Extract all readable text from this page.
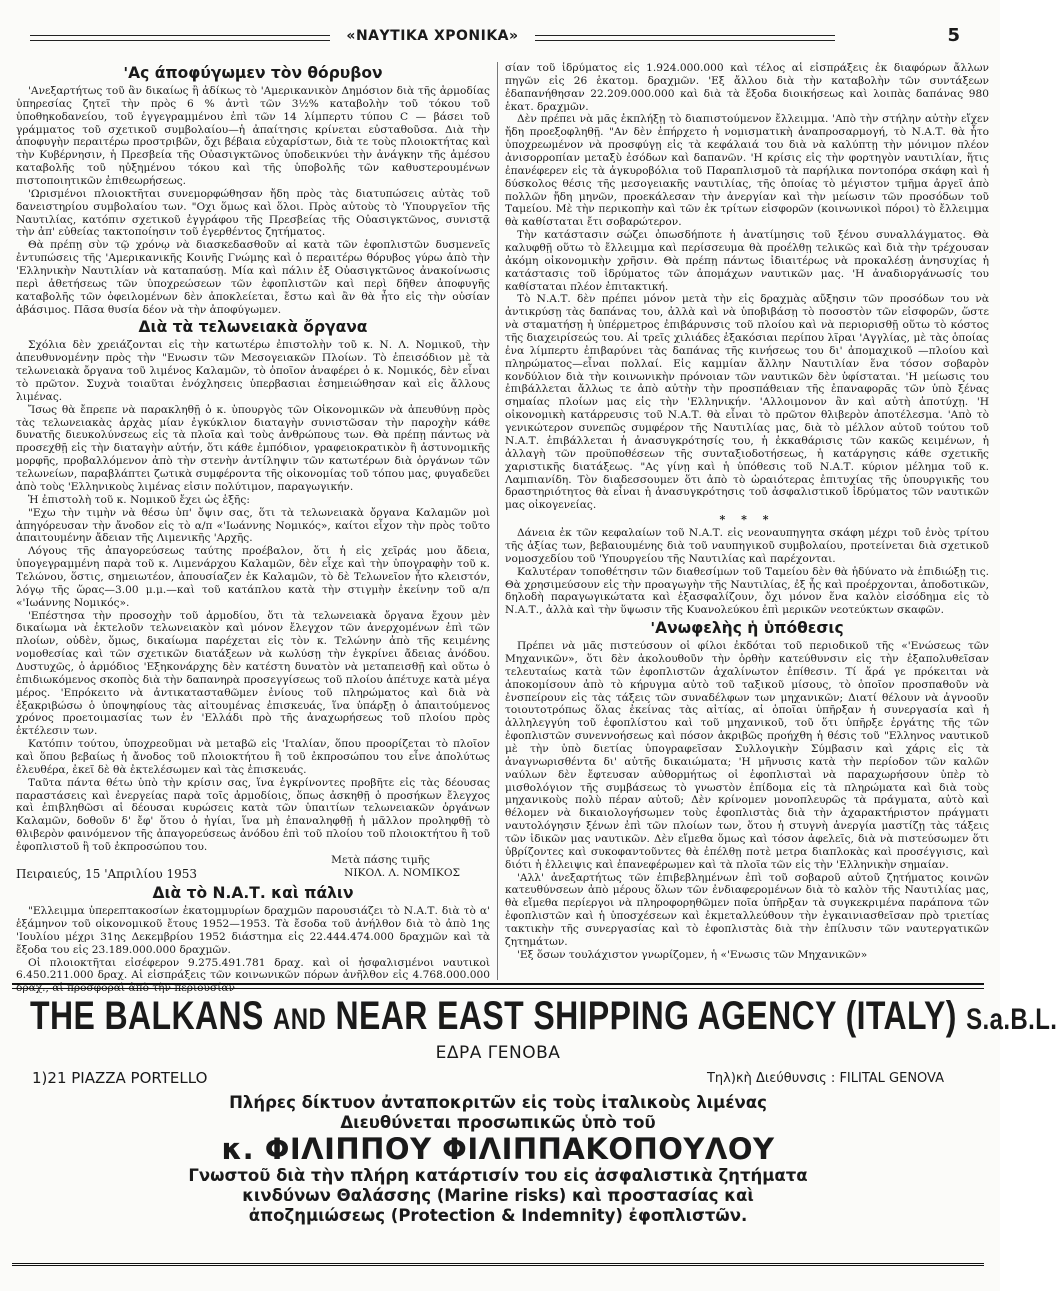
«ΝΑΥΤΙΚΑ ΧΡΟΝΙΚΑ»	5
'Ας άποφύγωμεν τὸν θόρυβον

'Ανεξαρτήτως τοῦ ἂν δικαίως ἢ ἀδίκως τὸ 'Αμερικανικὸν Δημόσιον διὰ τῆς ἁρμοδίας ὑπηρεσίας ζητεῖ τὴν πρὸς 6 % ἀντὶ τῶν 3½% καταβολὴν τοῦ τόκου τοῦ ὑποθηκοδανείου, τοῦ ἐγγεγραμμένου ἐπὶ τῶν 14 λίμπερτυ τύπου C — βάσει τοῦ γράμματος τοῦ σχετικοῦ συμβολαίου—ἡ ἀπαίτησις κρίνεται εὐσταθοῦσα. Διὰ τὴν ἀποφυγὴν περαιτέρω προστριβῶν, ὄχι βέβαια εὐχαρίστων, διὰ τε τοὺς πλοιοκτήτας καὶ τὴν Κυβέρνησιν, ἡ Πρεσβεία τῆς Οὐασιγκτῶνος ὑποδεικνύει τὴν ἀνάγκην τῆς ἀμέσου καταβολῆς τοῦ ηὐξημένου τόκου καὶ τῆς ὑποβολῆς τῶν καθυστερουμένων πιστοποιητικῶν ἐπιθεωρήσεως.

'Ωρισμένοι πλοιοκτῆται συνεμορφώθησαν ἤδη πρὸς τὰς διατυπώσεις αὐτὰς τοῦ δανειστηρίου συμβολαίου των. "Οχι ὅμως καὶ ὅλοι. Πρὸς αὐτοὺς τὸ 'Υπουργεῖον τῆς Ναυτιλίας, κατόπιν σχετικοῦ ἐγγράφου τῆς Πρεσβείας τῆς Οὐασιγκτῶνος, συνιστᾷ τὴν ἀπ' εὐθείας τακτοποίησιν τοῦ ἐγερθέντος ζητήματος.

Θὰ πρέπῃ σὺν τῷ χρόνῳ νὰ διασκεδασθοῦν αἱ κατὰ τῶν ἐφοπλιστῶν δυσμενεῖς ἐντυπώσεις τῆς 'Αμερικανικῆς Κοινῆς Γνώμης καὶ ὁ περαιτέρω θόρυβος γύρω ἀπὸ τὴν 'Ελληνικὴν Ναυτιλίαν νὰ καταπαύσῃ. Μία καὶ πάλιν ἐξ Οὐασιγκτῶνος ἀνακοίνωσις περὶ ἀθετήσεως τῶν ὑποχρεώσεων τῶν ἐφοπλιστῶν καὶ περὶ δῆθεν ἀποφυγῆς καταβολῆς τῶν ὀφειλομένων δὲν ἀποκλείεται, ἔστω καὶ ἂν θὰ ἦτο εἰς τὴν οὐσίαν ἀβάσιμος. Πᾶσα θυσία δέον νὰ τὴν ἀποφύγωμεν.

Διὰ τὰ τελωνειακὰ ὄργανα

Σχόλια δὲν χρειάζονται εἰς τὴν κατωτέρω ἐπιστολὴν τοῦ κ. Ν. Λ. Νομικοῦ, τὴν ἀπευθυνομένην πρὸς τὴν "Ενωσιν τῶν Μεσογειακῶν Πλοίων. Τὸ ἐπεισόδιον μὲ τὰ τελωνειακὰ ὄργανα τοῦ λιμένος Καλαμῶν, τὸ ὁποῖον ἀναφέρει ὁ κ. Νομικός, δὲν εἶναι τὸ πρῶτον. Συχνὰ τοιαῦται ἐνόχλησεις ὑπερβασιαι ἐσημειώθησαν καὶ εἰς ἄλλους λιμένας.

Ἴσως θὰ ἔπρεπε νὰ παρακληθῇ ὁ κ. ὑπουργὸς τῶν Οἰκονομικῶν νὰ ἀπευθύνῃ πρὸς τὰς τελωνειακὰς ἀρχὰς μίαν ἐγκύκλιον διαταγὴν συνιστῶσαν τὴν παροχὴν κάθε δυνατῆς διευκολύνσεως εἰς τὰ πλοῖα καὶ τοὺς ἀνθρώπους των. Θὰ πρέπῃ πάντως νὰ προσεχθῇ εἰς τὴν διαταγὴν αὐτήν, ὅτι κάθε ἐμπόδιον, γραφειοκρατικὸν ἢ ἀστυνομικῆς μορφῆς, προβαλλόμενον ἀπὸ τὴν στενὴν ἀντίληψιν τῶν κατωτέρων διὰ ὀργάνων τῶν τελωνείων, παραβλάπτει ζωτικὰ συμφέροντα τῆς οἰκονομίας τοῦ τόπου μας, φυγαδεῦει ἀπὸ τοὺς 'Ελληνικοὺς λιμένας εἰσιν πολύτιμον, παραγωγικήν.

Ἡ ἐπιστολὴ τοῦ κ. Νομικοῦ ἔχει ὡς ἑξῆς:

"Εχω τὴν τιμὴν νὰ θέσω ὑπ' ὄψιν σας, ὅτι τὰ τελωνειακὰ ὄργανα Καλαμῶν μοὶ ἀπηγόρευσαν τὴν ἄνοδον εἰς τὸ α/π «'Ιωάννης Νομικός», καίτοι εἶχον τὴν πρὸς τοῦτο ἀπαιτουμένην ἄδειαν τῆς Λιμενικῆς 'Αρχῆς.

Λόγους τῆς ἀπαγορεύσεως ταύτης προέβαλον, ὅτι ἡ εἰς χεῖράς μου ἄδεια, ὑπογεγραμμένη παρὰ τοῦ κ. Λιμενάρχου Καλαμῶν, δὲν εἶχε καὶ τὴν ὑπογραφὴν τοῦ κ. Τελώνου, ὅστις, σημειωτέον, ἀπουσίαζεν ἐκ Καλαμῶν, τὸ δὲ Τελωνεῖον ἦτο κλειστόν, λόγῳ τῆς ὥρας—3.00 μ.μ.—καὶ τοῦ κατάπλου κατὰ τὴν στιγμὴν ἐκείνην τοῦ α/π «'Ιωάννης Νομικός».

'Επέστησα τὴν προσοχὴν τοῦ ἁρμοδίου, ὅτι τὰ τελωνειακὰ ὄργανα ἔχουν μὲν δικαίωμα νὰ ἐκτελοῦν τελωνειακὸν καὶ μόνον ἔλεγχον τῶν ἀνερχομένων ἐπὶ τῶν πλοίων, οὐδὲν, ὅμως, δικαίωμα παρέχεται εἰς τὸν κ. Τελώνην ἀπὸ τῆς κειμένης νομοθεσίας καὶ τῶν σχετικῶν διατάξεων νὰ κωλύσῃ τὴν ἐγκρίνει ἄδειας ἀνόδου. Δυστυχῶς, ὁ ἁρμόδιος 'Εξηκονάρχης δὲν κατέστη δυνατὸν νὰ μεταπεισθῇ καὶ οὕτω ὁ ἐπιδιωκόμενος σκοπὸς διὰ τὴν δαπανηρὰ προσεγγίσεως τοῦ πλοίου ἀπέτυχε κατὰ μέγα μέρος. 'Επρόκειτο νὰ ἀντικατασταθῶμεν ἐνίους τοῦ πληρώματος καὶ διὰ νὰ ἐξακριβώσω ὁ ὑποψηφίους τὰς αἰτουμένας ἐπισκευάς, ἵνα ὑπάρξῃ ὁ ἀπαιτούμενος χρόνος προετοιμασίας των ἐν 'Ελλάδι πρὸ τῆς ἀναχωρήσεως τοῦ πλοίου πρὸς ἐκτέλεσιν των.

Κατόπιν τούτου, ὑποχρεοῦμαι νὰ μεταβῶ εἰς 'Ιταλίαν, ὅπου προορίζεται τὸ πλοῖον καὶ ὅπου βεβαίως ἡ ἄνοδος τοῦ πλοιοκτήτου ἢ τοῦ ἐκπροσώπου του εἶνε ἀπολύτως ἐλευθέρα, ἐκεῖ δὲ θὰ ἐκτελέσωμεν καὶ τὰς ἐπισκευάς.

Ταῦτα πάντα θέτω ὑπὸ τὴν κρίσιν σας, ἵνα ἐγκρίνοντες προβῆτε εἰς τὰς δέουσας παραστάσεις καὶ ἐνεργείας παρὰ τοῖς ἁρμοδίοις, ὅπως ἀσκηθῇ ὁ προσήκων ἔλεγχος καὶ ἐπιβληθῶσι αἱ δέουσαι κυρώσεις κατὰ τῶν ὑπαιτίων τελωνειακῶν ὀργάνων Καλαμῶν, δοθοῦν δ' ἔφ' ὅτου ὁ ἠγίαι, ἵνα μὴ ἐπαναληφθῇ ἡ μᾶλλον προληφθῇ τὸ θλιβερὸν φαινόμενον τῆς ἀπαγορεύσεως ἀνόδου ἐπὶ τοῦ πλοίου τοῦ πλοιοκτήτου ἢ τοῦ ἐφοπλιστοῦ ἢ τοῦ ἐκπροσώπου του.

Μετὰ πάσης τιμῆς
Πειραιεύς, 15 'Απριλίου 1953	ΝΙΚΟΛ. Λ. ΝΟΜΙΚΟΣ
Διὰ τὸ Ν.Α.Τ. καὶ πάλιν

"Ελλειμμα ὑπερεπτακοσίων ἑκατομμυρίων δραχμῶν παρουσιάζει τὸ Ν.Α.Τ. διὰ τὸ α' ἑξάμηνον τοῦ οἰκονομικοῦ ἔτους 1952—1953. Τὰ ἔσοδα τοῦ ἀνήλθον διὰ τὸ ἀπὸ 1ης 'Ιουλίου μέχρι 31ης Δεκεμβρίου 1952 διάστημα εἰς 22.444.474.000 δραχμῶν καὶ τὰ ἔξοδα του εἰς 23.189.000.000 δραχμῶν.

Οἱ πλοιοκτῆται εἰσέφερον 9.275.491.781 δραχ. καὶ οἱ ἠσφαλισμένοι ναυτικοὶ 6.450.211.000 δραχ. Αἱ εἰσπράξεις τῶν κοινωνικῶν πόρων ἀνῆλθον εἰς 4.768.000.000 δραχ., αἱ προσφοραὶ ἀπὸ τὴν περιουσίαν

σίαν τοῦ ἱδρύματος εἰς 1.924.000.000 καὶ τέλος αἱ εἰσπράξεις ἐκ διαφόρων ἄλλων πηγῶν εἰς 26 ἑκατομ. δραχμῶν. 'Εξ ἄλλου διὰ τὴν καταβολὴν τῶν συντάξεων ἐδαπανήθησαν 22.209.000.000 καὶ διὰ τὰ ἔξοδα διοικήσεως καὶ λοιπὰς δαπάνας 980 ἑκατ. δραχμῶν.

Δὲν πρέπει νὰ μᾶς ἐκπλήξῃ τὸ διαπιστούμενον ἔλλειμμα. 'Απὸ τὴν στήλην αὐτὴν εἴχεν ἤδη προεξοφληθῇ. "Αν δὲν ἐπήρχετο ἡ νομισματικὴ ἀναπροσαρμογή, τὸ Ν.Α.Τ. θὰ ἦτο ὑποχρεωμένον νὰ προσφύγῃ εἰς τὰ κεφάλαιά του διὰ νὰ καλύπτῃ τὴν μόνιμον πλέον ἀνισορροπίαν μεταξὺ ἐσόδων καὶ δαπανῶν. 'Η κρίσις εἰς τὴν φορτηγὸν ναυτιλίαν, ἥτις ἐπανέφερεν εἰς τὰ ἀγκυροβόλια τοῦ Παραπλισμοῦ τὰ παρήλικα ποντοπόρα σκάφη καὶ ἡ δύσκολος θέσις τῆς μεσογειακῆς ναυτιλίας, τῆς ὁποίας τὸ μέγιστον τμῆμα ἀργεῖ ἀπὸ πολλῶν ἤδη μηνῶν, προεκάλεσαν τὴν ἀνεργίαν καὶ τὴν μείωσιν τῶν προσόδων τοῦ Ταμείου. Μὲ τὴν περικοπὴν καὶ τῶν ἐκ τρίτων εἰσφορῶν (κοινωνικοὶ πόροι) τὸ ἔλλειμμα θὰ καθίσταται ἔτι σοβαρώτερον.

Τὴν κατάστασιν σώζει ὁπωσδήποτε ἡ ἀνατίμησις τοῦ ξένου συναλλάγματος. Θὰ καλυφθῇ οὕτω τὸ ἔλλειμμα καὶ περίσσευμα θὰ προέλθῃ τελικῶς καὶ διὰ τὴν τρέχουσαν ἀκόμη οἰκονομικὴν χρῆσιν. Θὰ πρέπῃ πάντως ἰδιαιτέρως νὰ προκαλέσῃ ἀνησυχίας ἡ κατάστασις τοῦ ἱδρύματος τῶν ἀπομάχων ναυτικῶν μας. 'Η ἀναδιοργάνωσίς του καθίσταται πλέον ἐπιτακτική.

Τὸ Ν.Α.Τ. δὲν πρέπει μόνον μετὰ τὴν εἰς δραχμὰς αὔξησιν τῶν προσόδων του νὰ ἀντικρύσῃ τὰς δαπάνας του, ἀλλὰ καὶ νὰ ὑποβιβάσῃ τὸ ποσοστὸν τῶν εἰσφορῶν, ὥστε νὰ σταματήσῃ ἡ ὑπέρμετρος ἐπιβάρυνσις τοῦ πλοίου καὶ νὰ περιορισθῇ οὕτω τὸ κόστος τῆς διαχειρίσεώς του. Αἱ τρεῖς χιλιάδες ἑξακόσιαι περίπου λῖραι 'Αγγλίας, μὲ τὰς ὁποίας ἐνα λίμπερτυ ἐπιβαρύνει τὰς δαπάνας τῆς κινήσεως του δι' ἀπομαχικοῦ —πλοίου καὶ πληρώματος—εἶναι πολλαί. Εἰς καμμίαν ἄλλην Ναυτιλίαν ἕνα τόσον σοβαρὸν κονδύλιον διὰ τὴν κοινωνικὴν πρόνοιαν τῶν ναυτικῶν δὲν ὑφίσταται. 'Η μείωσις του ἐπιβάλλεται ἄλλως τε ἀπὸ αὐτὴν τὴν προσπάθειαν τῆς ἐπαναφορᾶς τῶν ὑπὸ ξένας σημαίας πλοίων μας εἰς τὴν 'Ελληνικήν. 'Αλλοιμονον ἂν καὶ αὐτὴ ἀποτύχῃ. 'Η οἰκονομικὴ κατάρρευσις τοῦ Ν.Α.Τ. θὰ εἶναι τὸ πρῶτον θλιβερὸν ἀποτέλεσμα. 'Απὸ τὸ γενικώτερον συνεπῶς συμφέρον τῆς Ναυτιλίας μας, διὰ τὸ μέλλον αὐτοῦ τούτου τοῦ Ν.Α.Τ. ἐπιβάλλεται ἡ ἀνασυγκρότησίς του, ἡ ἐκκαθάρισις τῶν κακῶς κειμένων, ἡ ἀλλαγὴ τῶν προϋποθέσεων τῆς συνταξιοδοτήσεως, ἡ κατάργησις κάθε σχετικῆς χαριστικῆς διατάξεως. "Ας γίνῃ καὶ ἡ ὑπόθεσις τοῦ Ν.Α.Τ. κύριον μέλημα τοῦ κ. Λαμπιανίδη. Τὸν διαδεσσουμεν ὅτι ἀπὸ τὸ ὡραιότερας ἐπιτυχίας τῆς ὑπουργικῆς του δραστηριότητος θὰ εἶναι ἡ ἀνασυγκρότησις τοῦ ἀσφαλιστικοῦ ἱδρύματος τῶν ναυτικῶν μας οἰκογενείας.

* * *

Δάνεια ἐκ τῶν κεφαλαίων τοῦ Ν.Α.Τ. εἰς νεοναυπηγητα σκάφη μέχρι τοῦ ἑνὸς τρίτου τῆς ἀξίας των, βεβαιουμένης διὰ τοῦ ναυπηγικοῦ συμβολαίου, προτείνεται διὰ σχετικοῦ νομοσχεδίου τοῦ 'Υπουργείου τῆς Ναυτιλίας καὶ παρέχονται.

Καλυτέραν τοποθέτησιν τῶν διαθεσίμων τοῦ Ταμείου δὲν θὰ ἠδύνατο νὰ ἐπιδιώξῃ τις. Θὰ χρησιμεύσουν εἰς τὴν προαγωγὴν τῆς Ναυτιλίας, ἐξ ἧς καὶ προέρχονται, ἀποδοτικῶν, δηλοδὴ παραγωγικώτατα καὶ ἐξασφαλίζουν, ὄχι μόνον ἕνα καλὸν εἰσόδημα εἰς τὸ Ν.Α.Τ., ἀλλὰ καὶ τὴν ὕψωσιν τῆς Κυανολεύκου ἐπὶ μερικῶν νεοτεύκτων σκαφῶν.

'Ανωφελὴς ἡ ὑπόθεσις

Πρέπει νὰ μᾶς πιστεύσουν οἱ φίλοι ἐκδόται τοῦ περιοδικοῦ τῆς «'Ενώσεως τῶν Μηχανικῶν», ὅτι δὲν ἀκολουθοῦν τὴν ὀρθὴν κατεύθυνσιν εἰς τὴν ἐξαπολυθεῖσαν τελευταίως κατὰ τῶν ἐφοπλιστῶν ἀχαλίνωτον ἐπίθεσιν. Τί ἄρά γε πρόκειται νὰ ἀποκομίσουν ἀπὸ τὸ κήρυγμα αὐτὸ τοῦ ταξικοῦ μίσους, τὸ ὁποῖον προσπαθοῦν νὰ ἐνσπείρουν εἰς τὰς τάξεις τῶν συναδέλφων των μηχανικῶν; Διατί θέλουν νὰ ἀγνοοῦν τοιουτοτρόπως ὅλας ἐκείνας τὰς αἰτίας, αἱ ὁποῖαι ὑπῆρξαν ἡ συνεργασία καὶ ἡ ἀλληλεγγύη τοῦ ἐφοπλίστου καὶ τοῦ μηχανικοῦ, τοῦ ὅτι ὑπῆρξε ἐργάτης τῆς τῶν ἐφοπλιστῶν συνεννοήσεως καὶ πόσον ἀκριβῶς προήχθη ἡ θέσις τοῦ "Ελληνος ναυτικοῦ μὲ τὴν ὑπὸ διετίας ὑπογραφεῖσαν Συλλογικὴν Σύμβασιν καὶ χάρις εἰς τὰ ἀναγνωρισθέντα δι' αὐτῆς δικαιώματα; 'Η μῆνυσις κατὰ τὴν περίοδον τῶν καλῶν ναύλων δὲν ἔφτευσαν αὐθορμήτως οἱ ἐφοπλισταὶ νὰ παραχωρήσουν ὑπὲρ τὸ μισθολόγιον τῆς συμβάσεως τὸ γνωστὸν ἐπίδομα εἰς τὰ πληρώματα καὶ διὰ τοὺς μηχανικοὺς πολὺ πέραν αὐτοῦ; Δὲν κρίνομεν μονοπλευρῶς τὰ πράγματα, αὐτὸ καὶ θέλομεν νὰ δικαιολογήσωμεν τοὺς ἐφοπλιστὰς διὰ τὴν ἀχαρακτήριστον πράγματι ναυτολόγησιν ξένων ἐπὶ τῶν πλοίων των, ὅτου ἡ στυγνὴ ἀνεργία μαστίζῃ τὰς τάξεις τῶν ἰδικῶν μας ναυτικῶν. Δὲν εἴμεθα ὅμως καὶ τόσον ἀφελεῖς, διὰ νὰ πιστεύσωμεν ὅτι ὑβρίζοντες καὶ συκοφαντοῦντες θὰ ἐπέλθῃ ποτὲ μετρα διαπλοκὰς καὶ προσέγγισις, καὶ διότι ἡ ἐλλειψις καὶ ἐπανεφέρωμεν καὶ τὰ πλοῖα τῶν εἰς τὴν 'Ελληνικὴν σημαίαν.

'Αλλ' ἀνεξαρτήτως τῶν ἐπιβεβλημένων ἐπὶ τοῦ σοβαροῦ αὐτοῦ ζητήματος κοινῶν κατευθύνσεων ἀπὸ μέρους ὅλων τῶν ἐνδιαφερομένων διὰ τὸ καλὸν τῆς Ναυτιλίας μας, θὰ εἴμεθα περίεργοι νὰ πληροφορηθῶμεν ποῖα ὑπῆρξαν τὰ συγκεκριμένα παράπονα τῶν ἐφοπλιστῶν καὶ ἡ ὑποσχέσεων καὶ ἐκμεταλλεύθουν τὴν ἐγκαινιασθεῖσαν πρὸ τριετίας τακτικὴν τῆς συνεργασίας καὶ τὸ ἐφοπλιστὰς διὰ τὴν ἐπίλυσιν τῶν ναυτεργατικῶν ζητημάτων.

'Εξ ὅσων τουλάχιστον γνωρίζομεν, ἡ «'Ενωσις τῶν Μηχανικῶν»

THE BALKANS AND NEAR EAST SHIPPING AGENCY (ITALY) S.a.B.L.
ΕΔΡΑ ΓΕΝΟΒΑ
1)21 PIAZZA PORTELLO	Τηλ)κὴ Διεύθυνσις : FILITAL GENOVA
Πλήρες δίκτυον ἀνταποκριτῶν εἰς τοὺς ἰταλικοὺς λιμένας
Διευθύνεται προσωπικῶς ὑπὸ τοῦ
κ. ΦΙΛΙΠΠΟΥ ΦΙΛΙΠΠΑΚΟΠΟΥΛΟΥ
Γνωστοῦ διὰ τὴν πλήρη κατάρτισίν του εἰς ἀσφαλιστικὰ ζητήματα
κινδύνων Θαλάσσης (Marine risks) καὶ προστασίας καὶ
ἀποζημιώσεως (Protection & Indemnity) ἐφοπλιστῶν.
